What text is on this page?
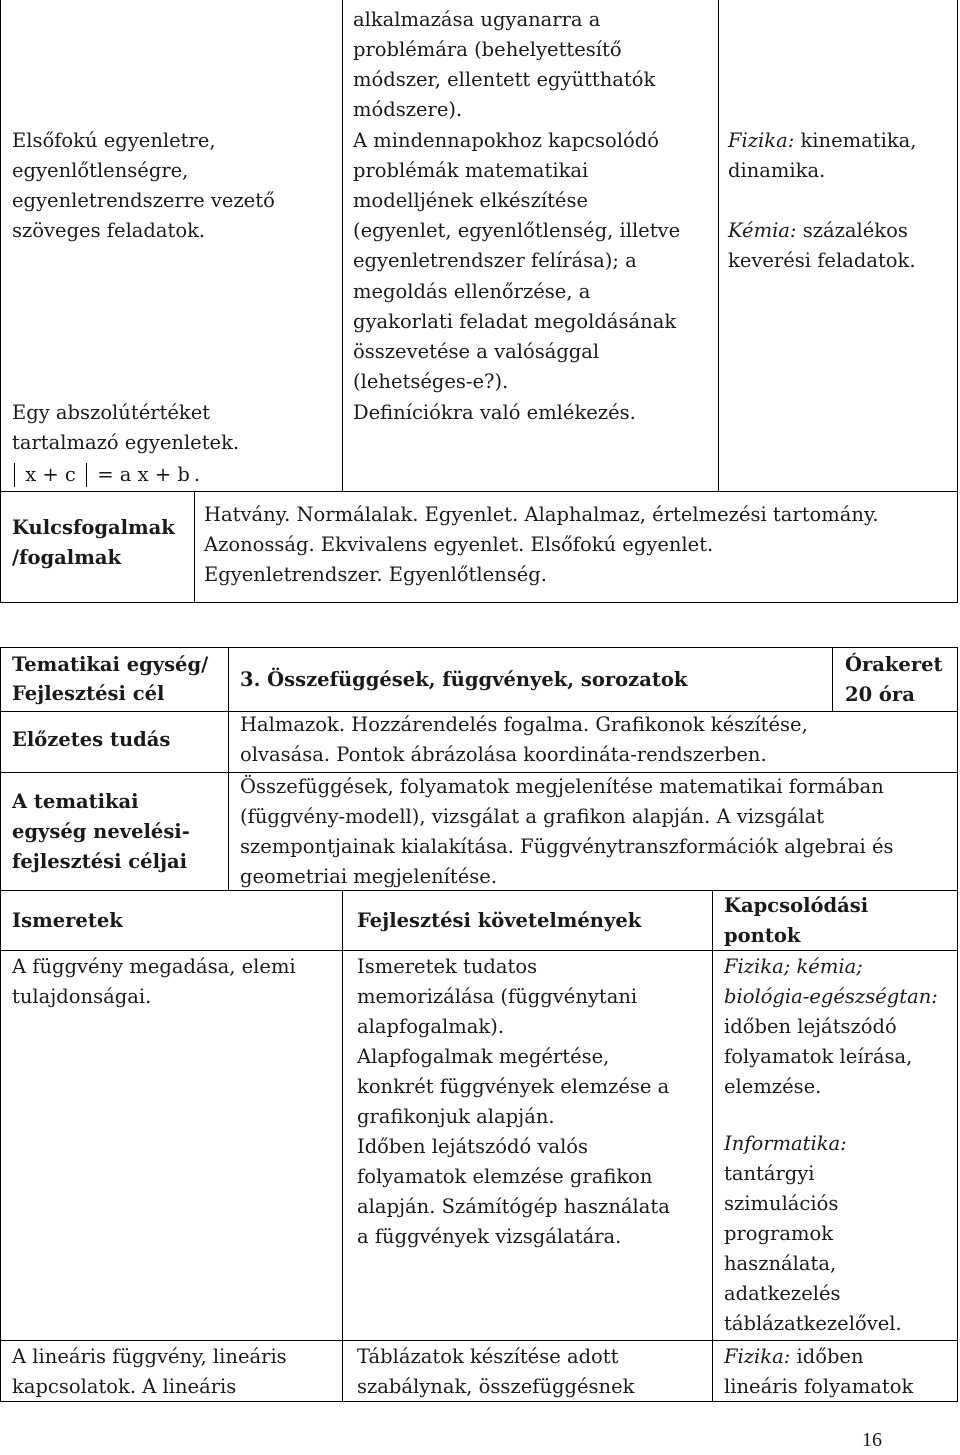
Elsőfokú egyenletre,
egyenlőtlenségre,
egyenletrendszerre vezető
szöveges feladatok.
Egy abszolútértéket
tartalmazó egyenletek.
x + c = a x + b .
alkalmazása ugyanarra a
problémára (behelyettesítő
módszer, ellentett együtthatók
módszere).
A mindennapokhoz kapcsolódó
problémák matematikai
modelljének elkészítése
(egyenlet, egyenlőtlenség, illetve
egyenletrendszer felírása); a
megoldás ellenőrzése, a
gyakorlati feladat megoldásának
összevetése a valósággal
(lehetséges-e?).
Definíciókra való emlékezés.
Fizika: kinematika,
dinamika.
Kémia: százalékos
keverési feladatok.
Kulcsfogalmak
/fogalmak
Hatvány. Normálalak. Egyenlet. Alaphalmaz, értelmezési tartomány.
Azonosság. Ekvivalens egyenlet. Elsőfokú egyenlet.
Egyenletrendszer. Egyenlőtlenség.
Tematikai egység/
Fejlesztési cél
3. Összefüggések, függvények, sorozatok
Órakeret
20 óra
Előzetes tudás
Halmazok. Hozzárendelés fogalma. Grafikonok készítése,
olvasása. Pontok ábrázolása koordináta-rendszerben.
A tematikai
egység nevelési-
fejlesztési céljai
Összefüggések, folyamatok megjelenítése matematikai formában
(függvény-modell), vizsgálat a grafikon alapján. A vizsgálat
szempontjainak kialakítása. Függvénytranszformációk algebrai és
geometriai megjelenítése.
Ismeretek	Fejlesztési követelmények
Kapcsolódási
pontok
A függvény megadása, elemi
tulajdonságai.
Ismeretek tudatos
memorizálása (függvénytani
alapfogalmak).
Alapfogalmak megértése,
konkrét függvények elemzése a
grafikonjuk alapján.
Időben lejátszódó valós
folyamatok elemzése grafikon
alapján. Számítógép használata
a függvények vizsgálatára.
Fizika; kémia;
biológia-egészségtan:
időben lejátszódó
folyamatok leírása,
elemzése.
Informatika:
tantárgyi
szimulációs
programok
használata,
adatkezelés
táblázatkezelővel.
A lineáris függvény, lineáris
kapcsolatok. A lineáris
Táblázatok készítése adott
szabálynak, összefüggésnek
Fizika: időben
lineáris folyamatok
16
